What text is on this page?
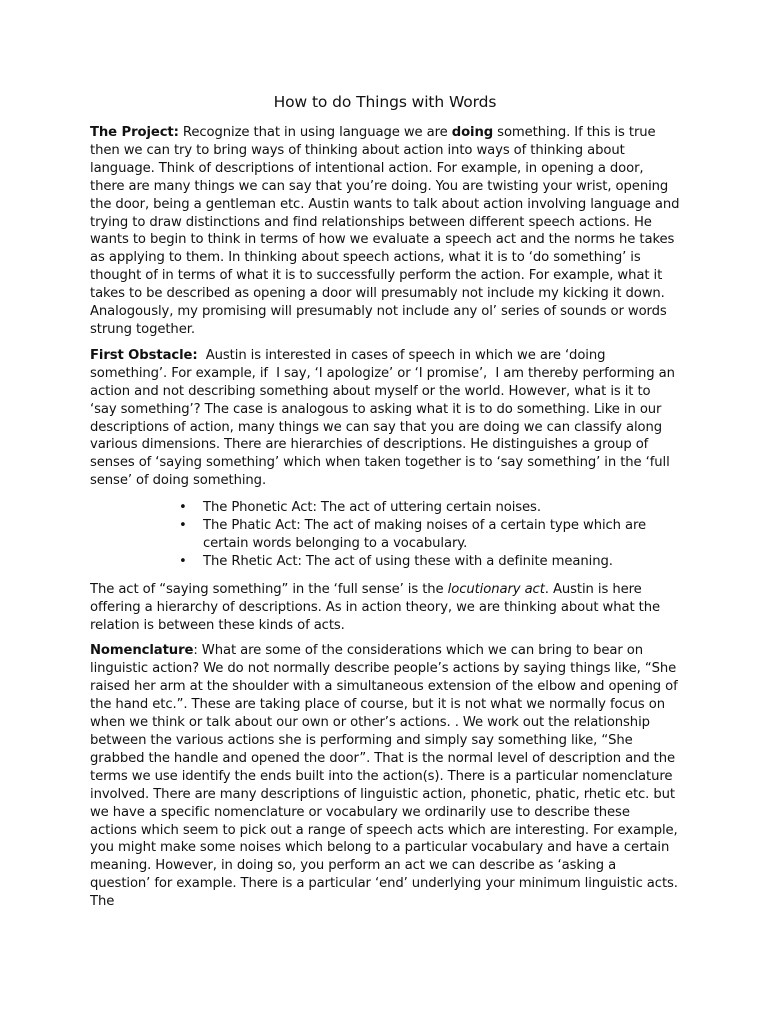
How to do Things with Words

The Project: Recognize that in using language we are doing something. If this is true then we can try to bring ways of thinking about action into ways of thinking about language. Think of descriptions of intentional action. For example, in opening a door, there are many things we can say that you’re doing. You are twisting your wrist, opening the door, being a gentleman etc. Austin wants to talk about action involving language and trying to draw distinctions and find relationships between different speech actions. He wants to begin to think in terms of how we evaluate a speech act and the norms he takes as applying to them. In thinking about speech actions, what it is to ‘do something’ is thought of in terms of what it is to successfully perform the action. For example, what it takes to be described as opening a door will presumably not include my kicking it down. Analogously, my promising will presumably not include any ol’ series of sounds or words strung together.

First Obstacle:  Austin is interested in cases of speech in which we are ‘doing something’. For example, if  I say, ‘I apologize’ or ‘I promise’,  I am thereby performing an action and not describing something about myself or the world. However, what is it to ‘say something’? The case is analogous to asking what it is to do something. Like in our descriptions of action, many things we can say that you are doing we can classify along various dimensions. There are hierarchies of descriptions. He distinguishes a group of senses of ‘saying something’ which when taken together is to ‘say something’ in the ‘full sense’ of doing something.

• The Phonetic Act: The act of uttering certain noises.
• The Phatic Act: The act of making noises of a certain type which are certain words belonging to a vocabulary.
• The Rhetic Act: The act of using these with a definite meaning.

The act of “saying something” in the ‘full sense’ is the locutionary act. Austin is here offering a hierarchy of descriptions. As in action theory, we are thinking about what the relation is between these kinds of acts.

Nomenclature: What are some of the considerations which we can bring to bear on linguistic action? We do not normally describe people’s actions by saying things like, “She raised her arm at the shoulder with a simultaneous extension of the elbow and opening of the hand etc.”. These are taking place of course, but it is not what we normally focus on when we think or talk about our own or other’s actions. . We work out the relationship between the various actions she is performing and simply say something like, “She grabbed the handle and opened the door”. That is the normal level of description and the terms we use identify the ends built into the action(s). There is a particular nomenclature involved. There are many descriptions of linguistic action, phonetic, phatic, rhetic etc. but we have a specific nomenclature or vocabulary we ordinarily use to describe these actions which seem to pick out a range of speech acts which are interesting. For example, you might make some noises which belong to a particular vocabulary and have a certain meaning. However, in doing so, you perform an act we can describe as ‘asking a question’ for example. There is a particular ‘end’ underlying your minimum linguistic acts. The
